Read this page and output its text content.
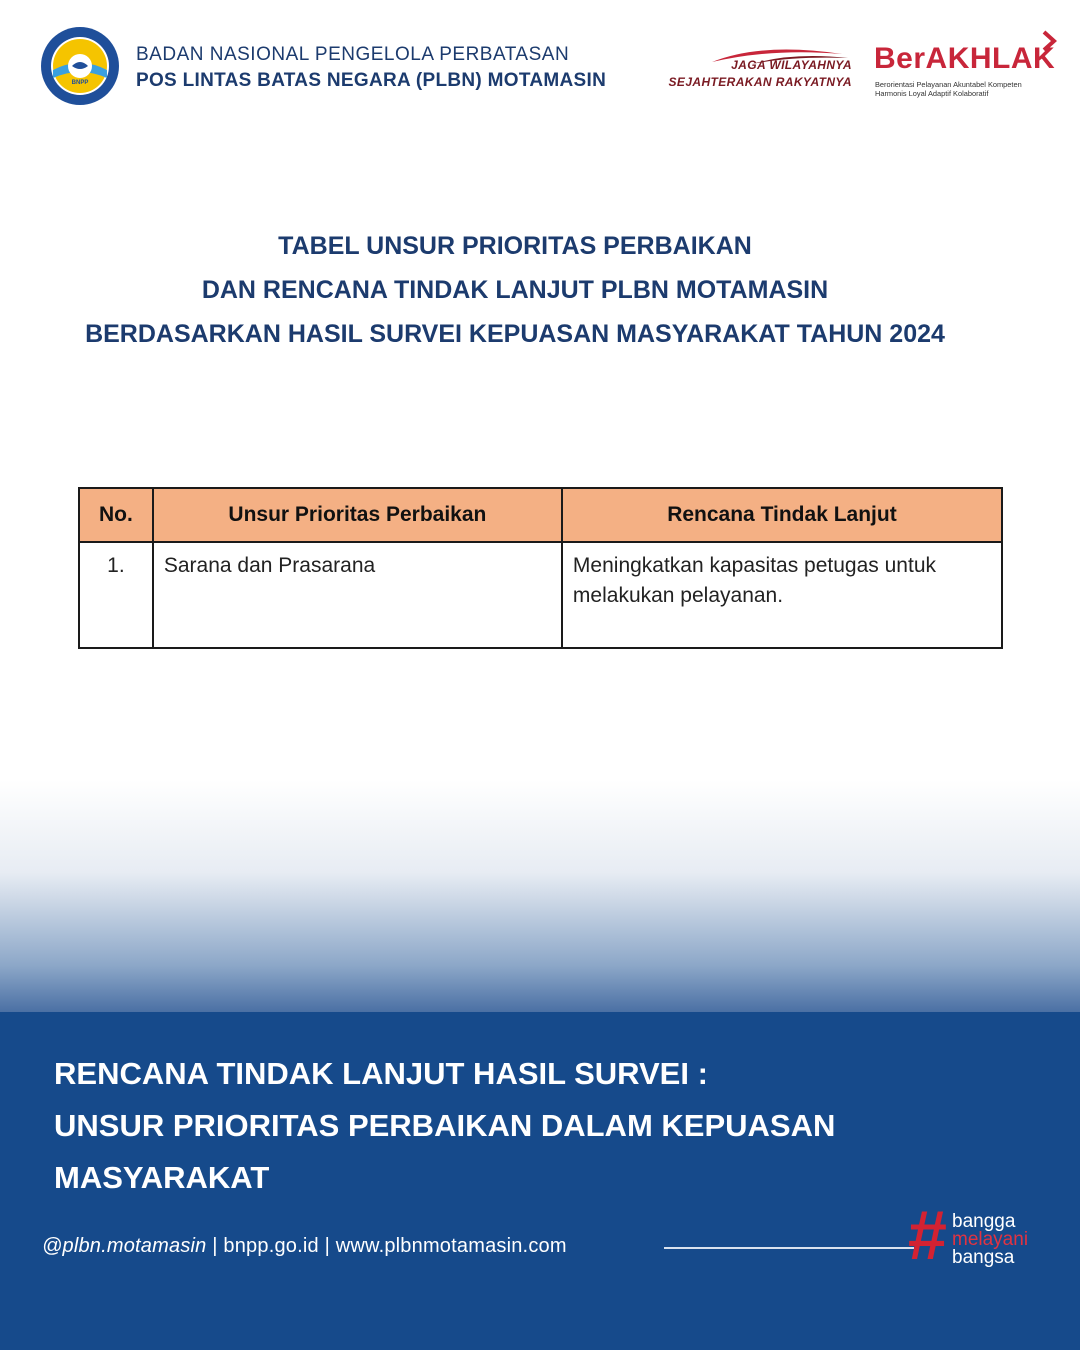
BNPP
BADAN NASIONAL PENGELOLA PERBATASAN
POS LINTAS BATAS NEGARA (PLBN) MOTAMASIN
JAGA WILAYAHNYA
SEJAHTERAKAN RAKYATNYA
BerAKHLAK
Berorientasi Pelayanan Akuntabel Kompeten
Harmonis Loyal Adaptif Kolaboratif
TABEL UNSUR PRIORITAS PERBAIKAN
DAN RENCANA TINDAK LANJUT PLBN MOTAMASIN
BERDASARKAN HASIL SURVEI KEPUASAN MASYARAKAT TAHUN 2024
No.	Unsur Prioritas Perbaikan	Rencana Tindak Lanjut
1.	Sarana dan Prasarana	Meningkatkan kapasitas petugas untuk melakukan pelayanan.
RENCANA TINDAK LANJUT HASIL SURVEI :
UNSUR PRIORITAS PERBAIKAN DALAM KEPUASAN
MASYARAKAT
@plbn.motamasin | bnpp.go.id | www.plbnmotamasin.com	# bangga
melayani
bangsa
